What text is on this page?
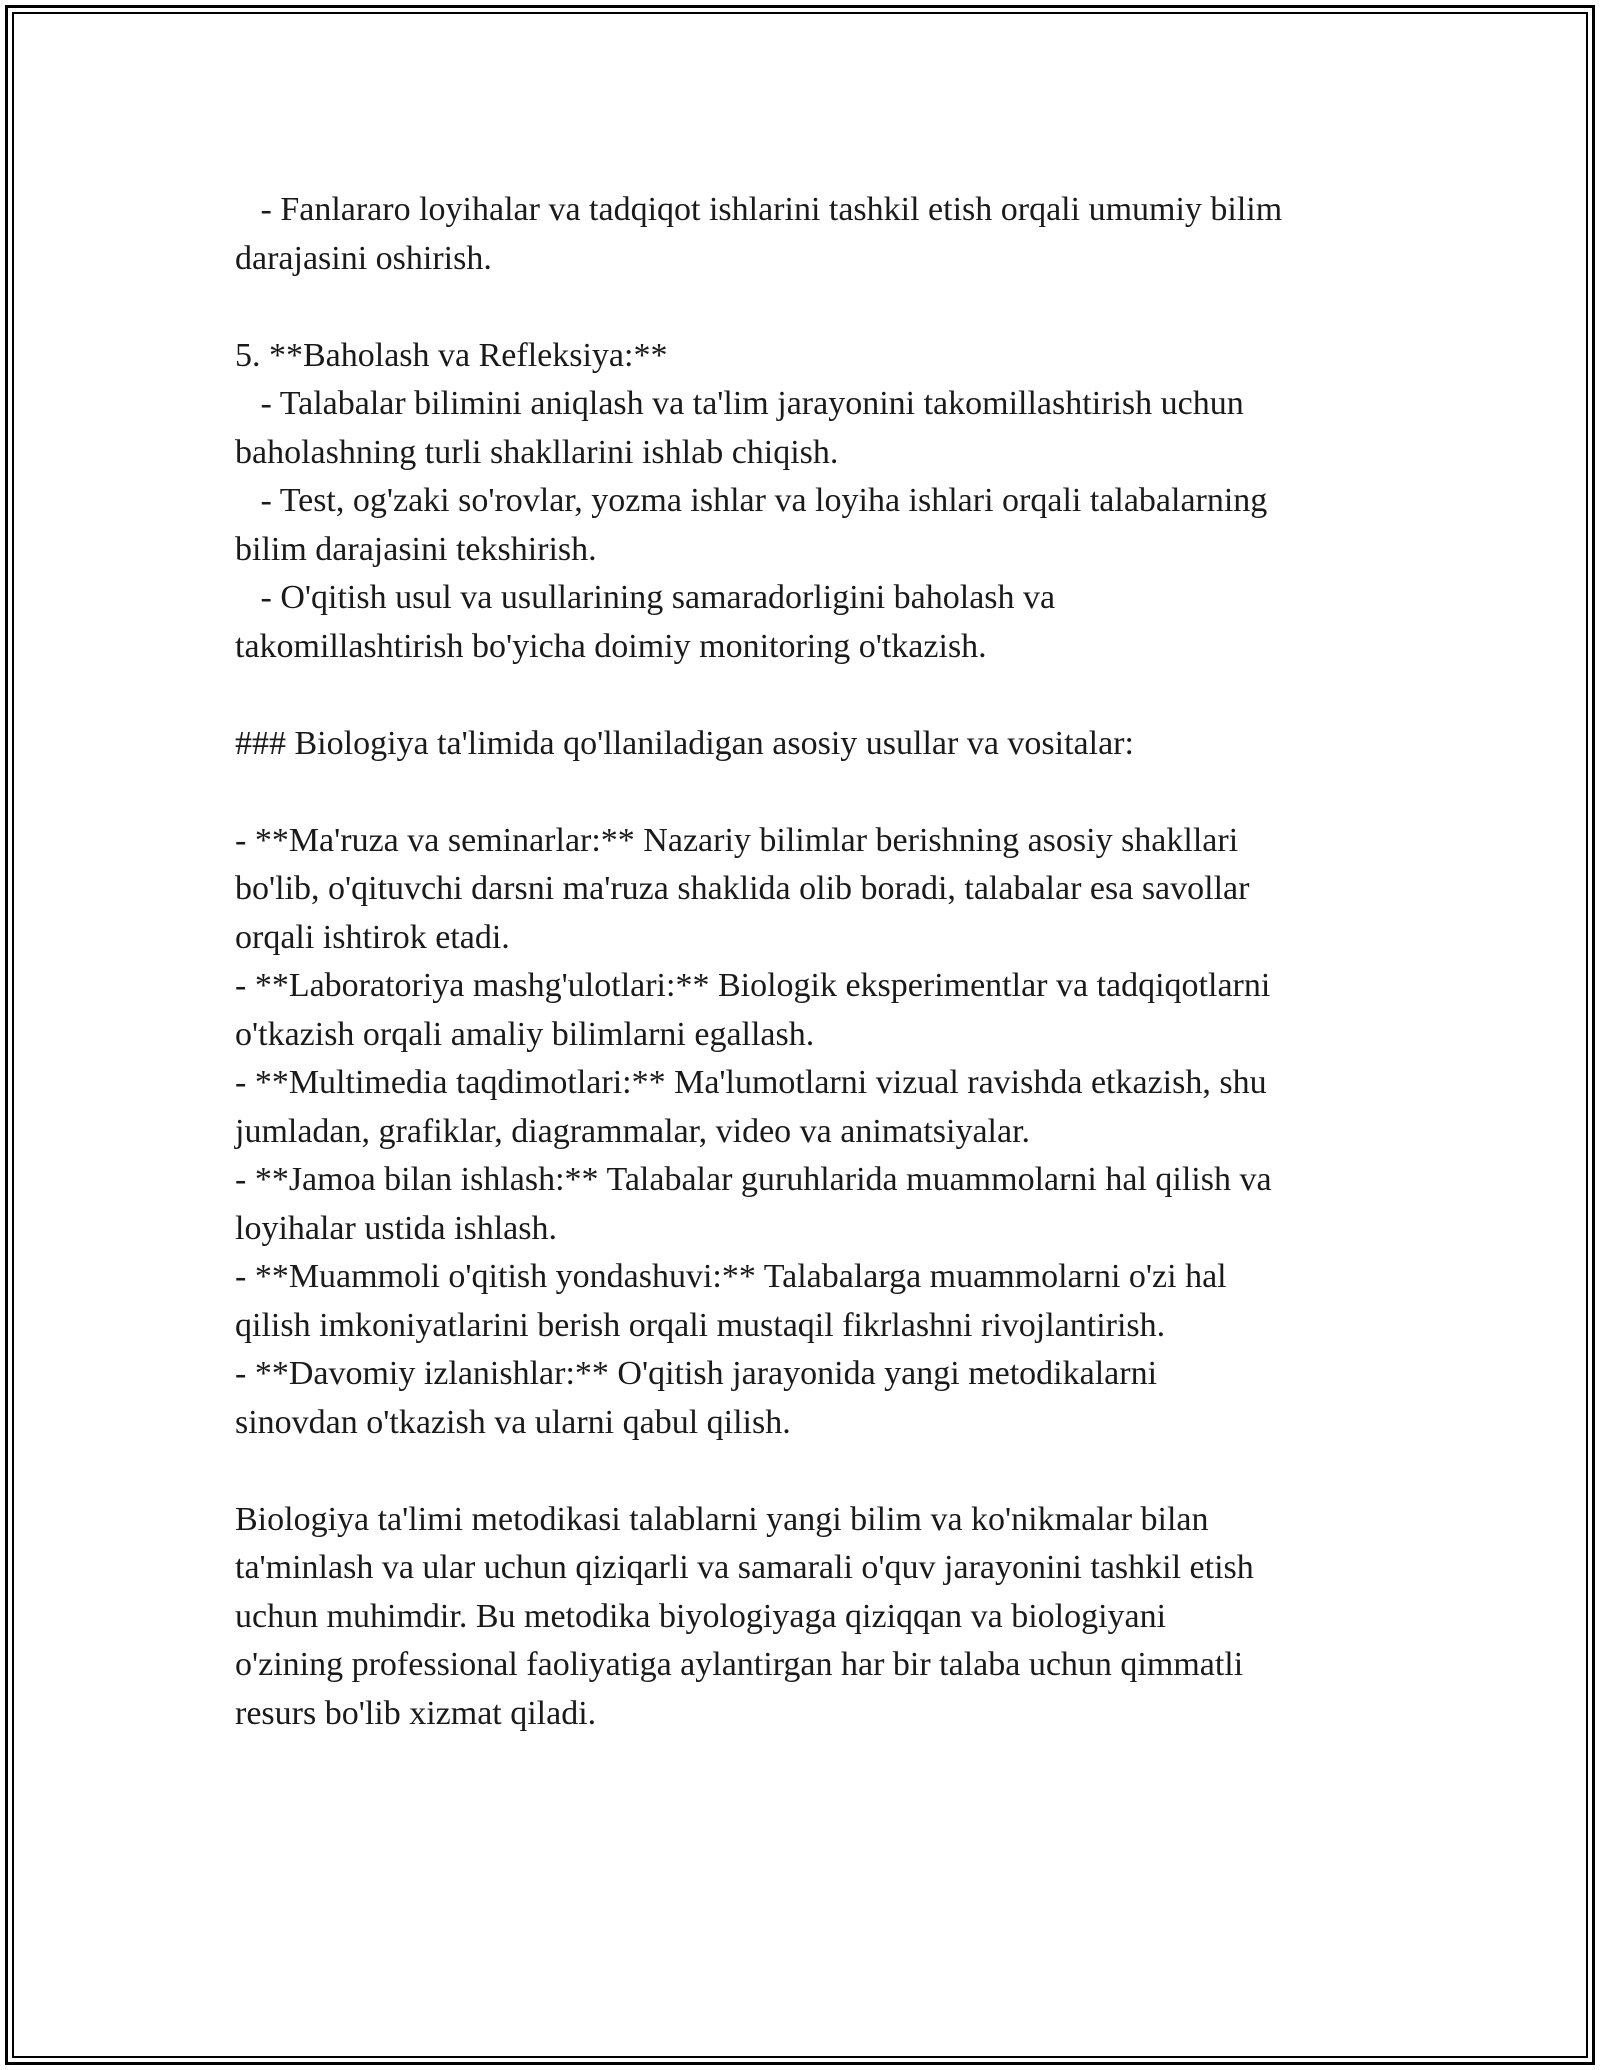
- Fanlararo loyihalar va tadqiqot ishlarini tashkil etish orqali umumiy bilim
darajasini oshirish.
5. **Baholash va Refleksiya:**
- Talabalar bilimini aniqlash va ta'lim jarayonini takomillashtirish uchun
baholashning turli shakllarini ishlab chiqish.
- Test, og'zaki so'rovlar, yozma ishlar va loyiha ishlari orqali talabalarning
bilim darajasini tekshirish.
- O'qitish usul va usullarining samaradorligini baholash va
takomillashtirish bo'yicha doimiy monitoring o'tkazish.
### Biologiya ta'limida qo'llaniladigan asosiy usullar va vositalar:
- **Ma'ruza va seminarlar:** Nazariy bilimlar berishning asosiy shakllari
bo'lib, o'qituvchi darsni ma'ruza shaklida olib boradi, talabalar esa savollar
orqali ishtirok etadi.
- **Laboratoriya mashg'ulotlari:** Biologik eksperimentlar va tadqiqotlarni
o'tkazish orqali amaliy bilimlarni egallash.
- **Multimedia taqdimotlari:** Ma'lumotlarni vizual ravishda etkazish, shu
jumladan, grafiklar, diagrammalar, video va animatsiyalar.
- **Jamoa bilan ishlash:** Talabalar guruhlarida muammolarni hal qilish va
loyihalar ustida ishlash.
- **Muammoli o'qitish yondashuvi:** Talabalarga muammolarni o'zi hal
qilish imkoniyatlarini berish orqali mustaqil fikrlashni rivojlantirish.
- **Davomiy izlanishlar:** O'qitish jarayonida yangi metodikalarni
sinovdan o'tkazish va ularni qabul qilish.
Biologiya ta'limi metodikasi talablarni yangi bilim va ko'nikmalar bilan
ta'minlash va ular uchun qiziqarli va samarali o'quv jarayonini tashkil etish
uchun muhimdir. Bu metodika biyologiyaga qiziqqan va biologiyani
o'zining professional faoliyatiga aylantirgan har bir talaba uchun qimmatli
resurs bo'lib xizmat qiladi.
